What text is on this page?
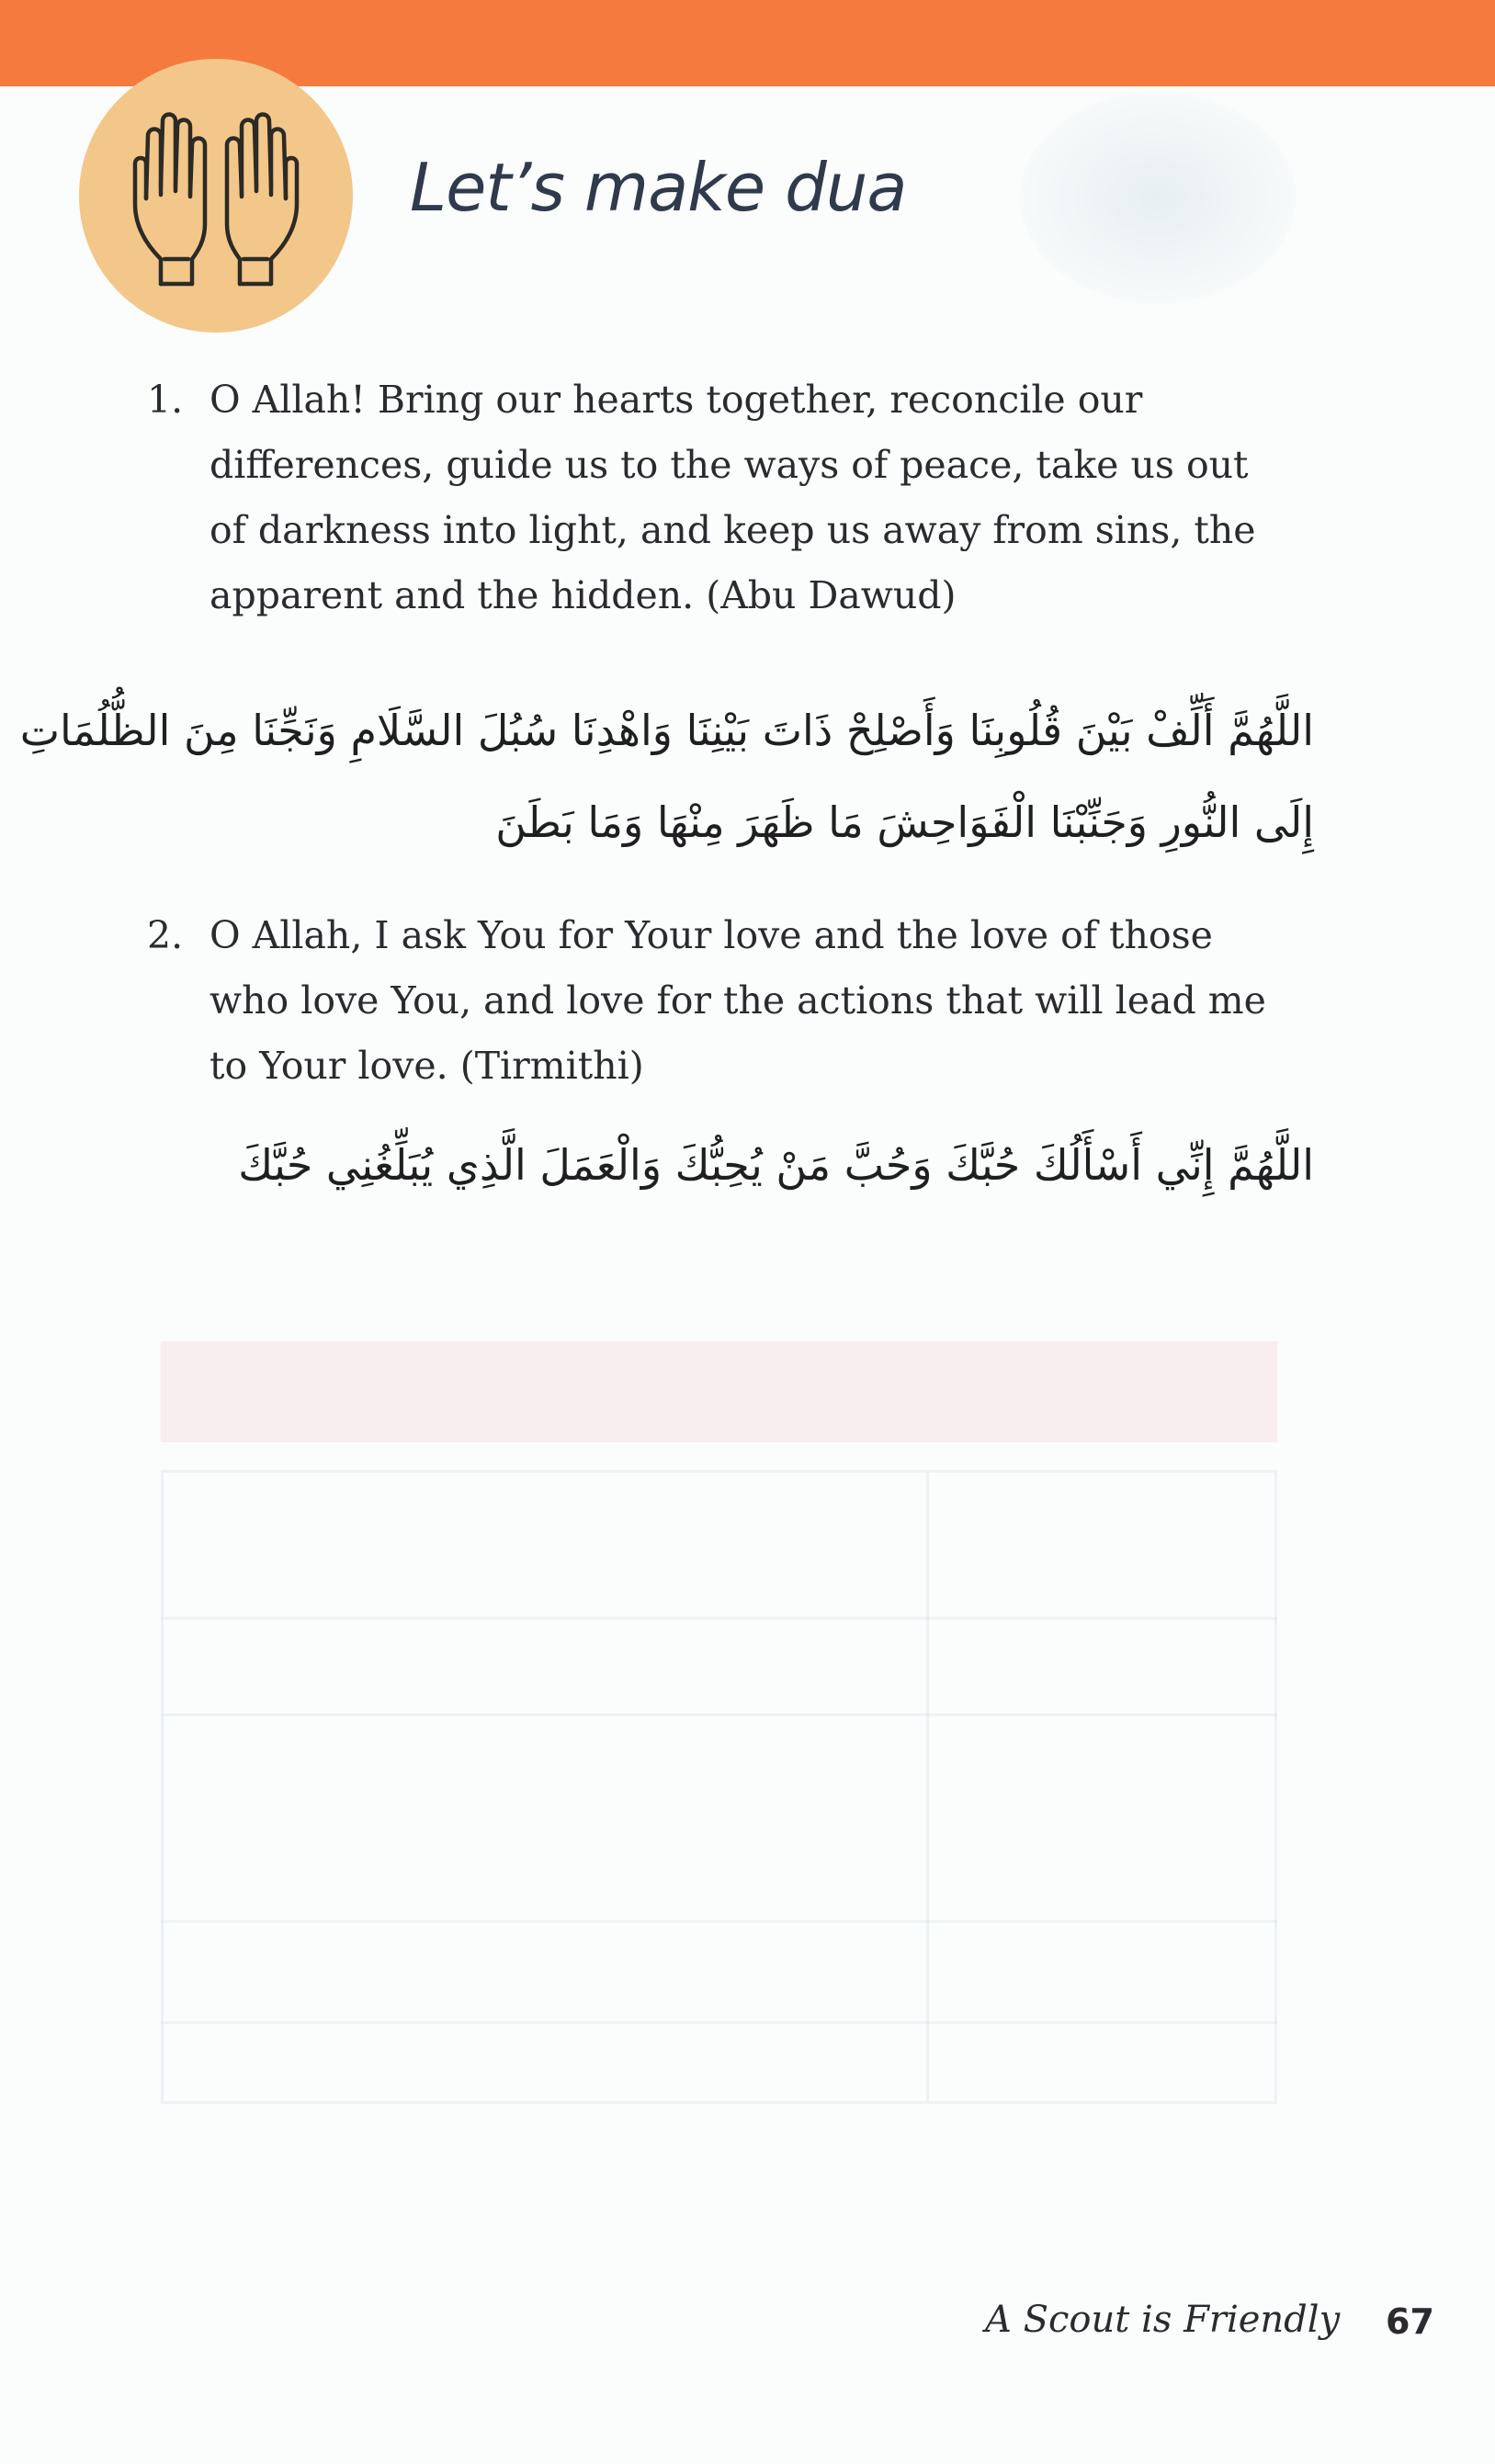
Let’s make dua
1. O Allah! Bring our hearts together, reconcile our
differences, guide us to the ways of peace, take us out
of darkness into light, and keep us away from sins, the
apparent and the hidden. (Abu Dawud)

اللَّهُمَّ أَلِّفْ بَيْنَ قُلُوبِنَا وَأَصْلِحْ ذَاتَ بَيْنِنَا وَاهْدِنَا سُبُلَ السَّلَامِ وَنَجِّنَا مِنَ الظُّلُمَاتِ
إِلَى النُّورِ وَجَنِّبْنَا الْفَوَاحِشَ مَا ظَهَرَ مِنْهَا وَمَا بَطَنَ
2. O Allah, I ask You for Your love and the love of those
who love You, and love for the actions that will lead me
to Your love. (Tirmithi)

اللَّهُمَّ إِنِّي أَسْأَلُكَ حُبَّكَ وَحُبَّ مَنْ يُحِبُّكَ وَالْعَمَلَ الَّذِي يُبَلِّغُنِي حُبَّكَ
A Scout is Friendly 67
